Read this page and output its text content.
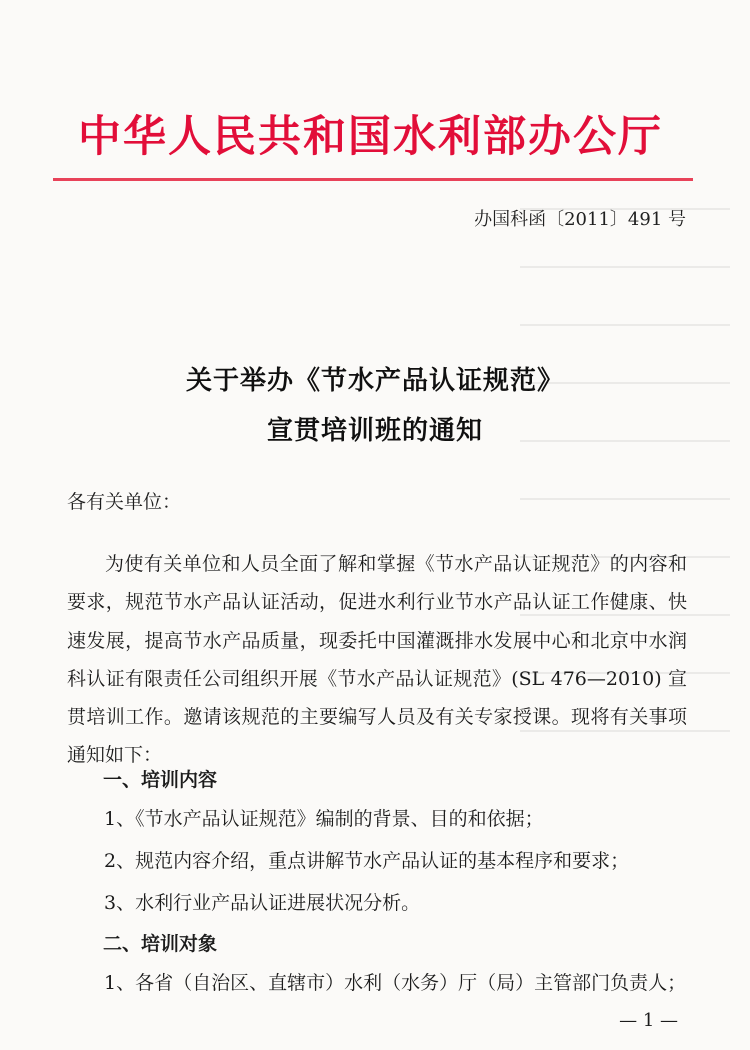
中华人民共和国水利部办公厅
办国科函〔2011〕491 号
关于举办《节水产品认证规范》
宣贯培训班的通知
各有关单位：

为使有关单位和人员全面了解和掌握《节水产品认证规范》的内容和要求，规范节水产品认证活动，促进水利行业节水产品认证工作健康、快速发展，提高节水产品质量，现委托中国灌溉排水发展中心和北京中水润科认证有限责任公司组织开展《节水产品认证规范》(SL 476—2010) 宣贯培训工作。邀请该规范的主要编写人员及有关专家授课。现将有关事项通知如下：

一、培训内容
1、《节水产品认证规范》编制的背景、目的和依据；
2、规范内容介绍，重点讲解节水产品认证的基本程序和要求；
3、水利行业产品认证进展状况分析。
二、培训对象
1、各省（自治区、直辖市）水利（水务）厅（局）主管部门负责人；
— 1 —
